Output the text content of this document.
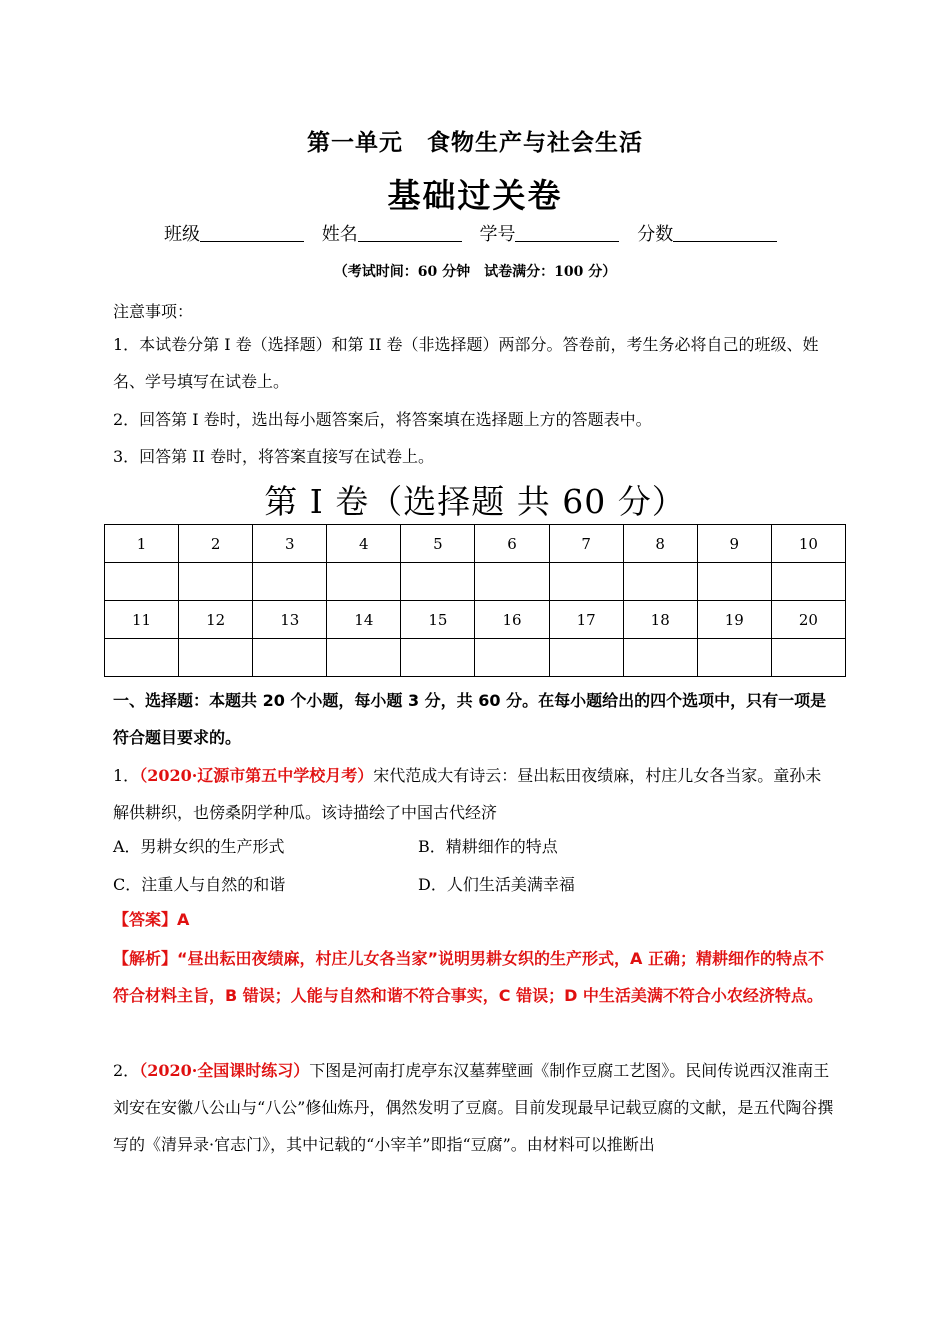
第一单元　食物生产与社会生活
基础过关卷
班级	姓名	学号	分数
（考试时间：60 分钟　试卷满分：100 分）
注意事项：
1．本试卷分第 I 卷（选择题）和第 II 卷（非选择题）两部分。答卷前，考生务必将自己的班级、姓名、学号填写在试卷上。
2．回答第 I 卷时，选出每小题答案后，将答案填在选择题上方的答题表中。
3．回答第 II 卷时，将答案直接写在试卷上。
第 I 卷（选择题 共 60 分）
1	2	3	4	5	6	7	8	9	10

11	12	13	14	15	16	17	18	19	20

一、选择题：本题共 20 个小题，每小题 3 分，共 60 分。在每小题给出的四个选项中，只有一项是符合题目要求的。
1．（2020·辽源市第五中学校月考）宋代范成大有诗云：昼出耘田夜绩麻，村庄儿女各当家。童孙未解供耕织，也傍桑阴学种瓜。该诗描绘了中国古代经济
A．男耕女织的生产形式	B．精耕细作的特点
C．注重人与自然的和谐	D．人们生活美满幸福
【答案】A
【解析】“昼出耘田夜绩麻，村庄儿女各当家”说明男耕女织的生产形式，A 正确；精耕细作的特点不符合材料主旨，B 错误；人能与自然和谐不符合事实，C 错误；D 中生活美满不符合小农经济特点。
2．（2020·全国课时练习）下图是河南打虎亭东汉墓葬壁画《制作豆腐工艺图》。民间传说西汉淮南王刘安在安徽八公山与“八公”修仙炼丹，偶然发明了豆腐。目前发现最早记载豆腐的文献，是五代陶谷撰写的《清异录·官志门》，其中记载的“小宰羊”即指“豆腐”。由材料可以推断出
